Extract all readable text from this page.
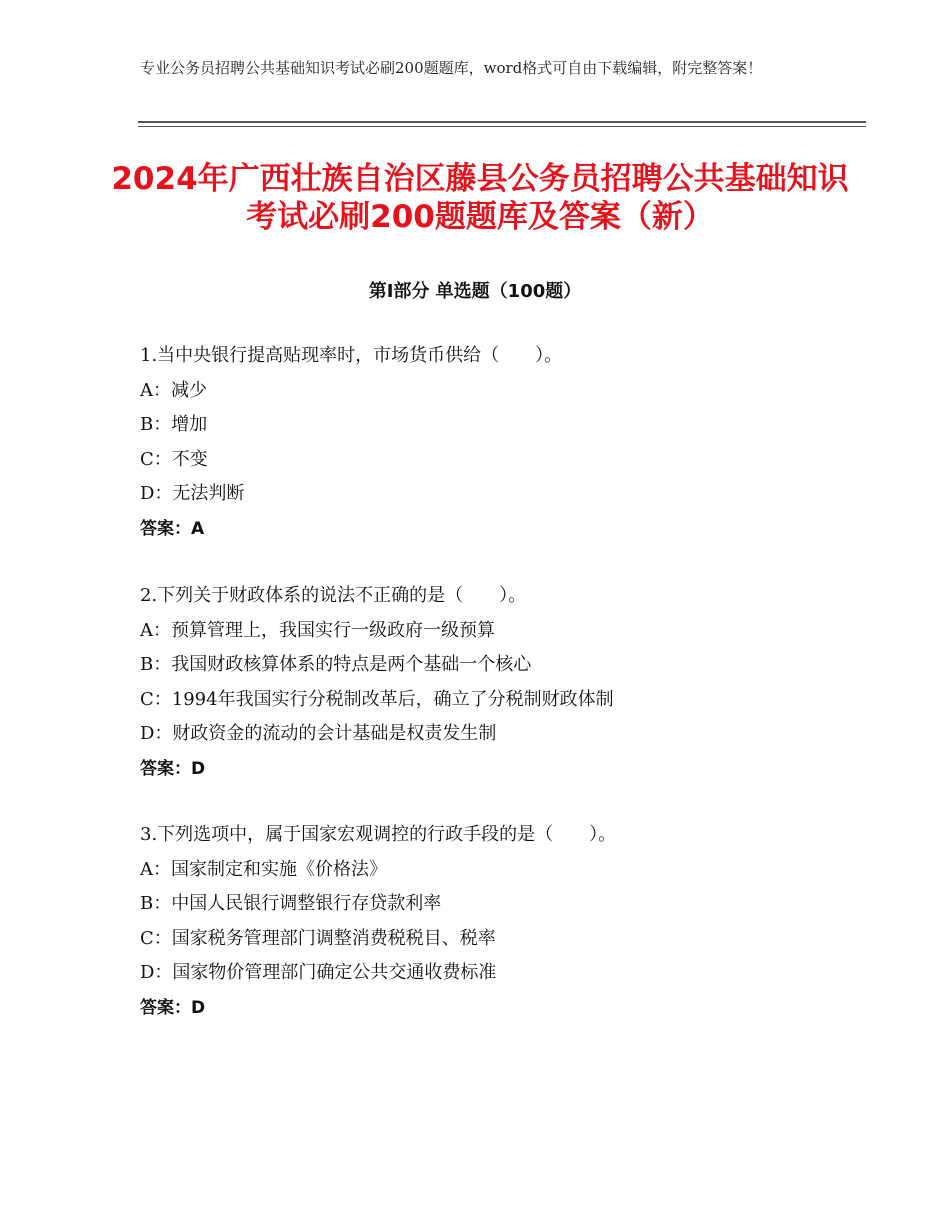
专业公务员招聘公共基础知识考试必刷200题题库，word格式可自由下载编辑，附完整答案！
2024年广西壮族自治区藤县公务员招聘公共基础知识考试必刷200题题库及答案（新）
第Ⅰ部分 单选题（100题）
1.当中央银行提高贴现率时，市场货币供给（　　）。
A：减少
B：增加
C：不变
D：无法判断
答案：A
2.下列关于财政体系的说法不正确的是（　　）。
A：预算管理上，我国实行一级政府一级预算
B：我国财政核算体系的特点是两个基础一个核心
C：1994年我国实行分税制改革后，确立了分税制财政体制
D：财政资金的流动的会计基础是权责发生制
答案：D
3.下列选项中，属于国家宏观调控的行政手段的是（　　）。
A：国家制定和实施《价格法》
B：中国人民银行调整银行存贷款利率
C：国家税务管理部门调整消费税税目、税率
D：国家物价管理部门确定公共交通收费标准
答案：D
